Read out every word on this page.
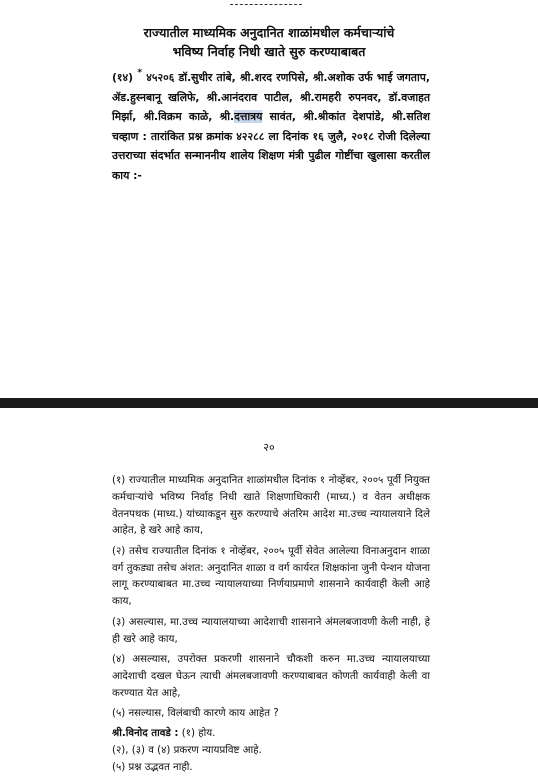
राज्यातील माध्यमिक अनुदानित शाळांमधील कर्मचाऱ्यांचे
भविष्य निर्वाह निधी खाते सुरु करण्याबाबत
(१४) * ४५२०६ डॉ.सुधीर तांबे, श्री.शरद रणपिसे, श्री.अशोक उर्फ भाई जगताप, ॲड.हुस्नबानू खलिफे, श्री.आनंदराव पाटील, श्री.रामहरी रुपनवर, डॉ.वजाहत मिर्झा, श्री.विक्रम काळे, श्री.दत्तात्रय सावंत, श्री.श्रीकांत देशपांडे, श्री.सतिश चव्हाण : तारांकित प्रश्न क्रमांक ४२२८८ ला दिनांक १६ जुलै, २०१८ रोजी दिलेल्या उत्तराच्या संदर्भात सन्माननीय शालेय शिक्षण मंत्री पुढील गोष्टींचा खुलासा करतील काय :-
२०

(१) राज्यातील माध्यमिक अनुदानित शाळांमधील दिनांक १ नोव्हेंबर, २००५ पूर्वी नियुक्त कर्मचाऱ्यांचे भविष्य निर्वाह निधी खाते शिक्षणाधिकारी (माध्य.) व वेतन अधीक्षक वेतनपथक (माध्य.) यांच्याकडून सुरु करण्याचे अंतरिम आदेश मा.उच्च न्यायालयाने दिले आहेत, हे खरे आहे काय,

(२) तसेच राज्यातील दिनांक १ नोव्हेंबर, २००५ पूर्वी सेवेत आलेल्या विनाअनुदान शाळा वर्ग तुकड्या तसेच अंशत: अनुदानित शाळा व वर्ग कार्यरत शिक्षकांना जुनी पेन्शन योजना लागू करण्याबाबत मा.उच्च न्यायालयाच्या निर्णयाप्रमाणे शासनाने कार्यवाही केली आहे काय,

(३) असल्यास, मा.उच्च न्यायालयाच्या आदेशाची शासनाने अंमलबजावणी केली नाही, हे ही खरे आहे काय,

(४) असल्यास, उपरोक्त प्रकरणी शासनाने चौकशी करुन मा.उच्च न्यायालयाच्या आदेशाची दखल घेऊन त्याची अंमलबजावणी करण्याबाबत कोणती कार्यवाही केली वा करण्यात येत आहे,

(५) नसल्यास, विलंबाची कारणे काय आहेत ?

श्री.विनोद तावडे : (१) होय.

(२), (३) व (४) प्रकरण न्यायप्रविष्ट आहे.

(५) प्रश्न उद्भवत नाही.
